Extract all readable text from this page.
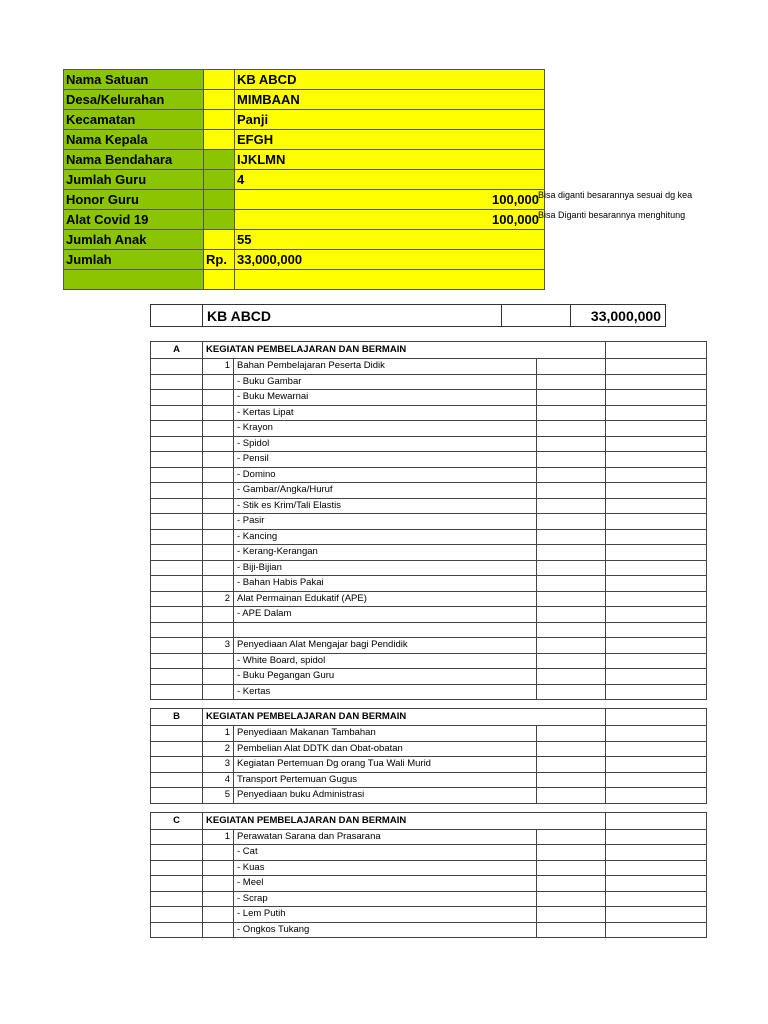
Nama Satuan		KB ABCD
Desa/Kelurahan		MIMBAAN
Kecamatan		Panji
Nama Kepala		EFGH
Nama Bendahara		IJKLMN
Jumlah Guru		4
Honor Guru		100,000
Alat Covid 19		100,000
Jumlah Anak		55
Jumlah	Rp.	33,000,000

Bisa diganti besarannya sesuai dg kea
Bisa Diganti besarannya menghitung
	KB ABCD		33,000,000
A	KEGIATAN PEMBELAJARAN DAN BERMAIN			
	1	Bahan Pembelajaran Peserta Didik		
		- Buku Gambar		
		- Buku Mewarnai		
		- Kertas Lipat		
		- Krayon		
		- Spidol		
		- Pensil		
		- Domino		
		- Gambar/Angka/Huruf		
		- Stik es Krim/Tali Elastis		
		- Pasir		
		- Kancing		
		- Kerang-Kerangan		
		- Biji-Bijian		
		- Bahan Habis Pakai		
	2	Alat Permainan Edukatif (APE)		
		- APE Dalam		

	3	Penyediaan Alat Mengajar bagi Pendidik		
		- White Board, spidol		
		- Buku Pegangan Guru		
		- Kertas		

B	KEGIATAN PEMBELAJARAN DAN BERMAIN			
	1	Penyediaan Makanan Tambahan		
	2	Pembelian Alat DDTK dan Obat-obatan		
	3	Kegiatan Pertemuan Dg orang Tua Wali Murid		
	4	Transport Pertemuan Gugus		
	5	Penyediaan buku Administrasi		

C	KEGIATAN PEMBELAJARAN DAN BERMAIN			
	1	Perawatan Sarana dan Prasarana		
		- Cat		
		- Kuas		
		- Meel		
		- Scrap		
		- Lem Putih		
		- Ongkos Tukang		
